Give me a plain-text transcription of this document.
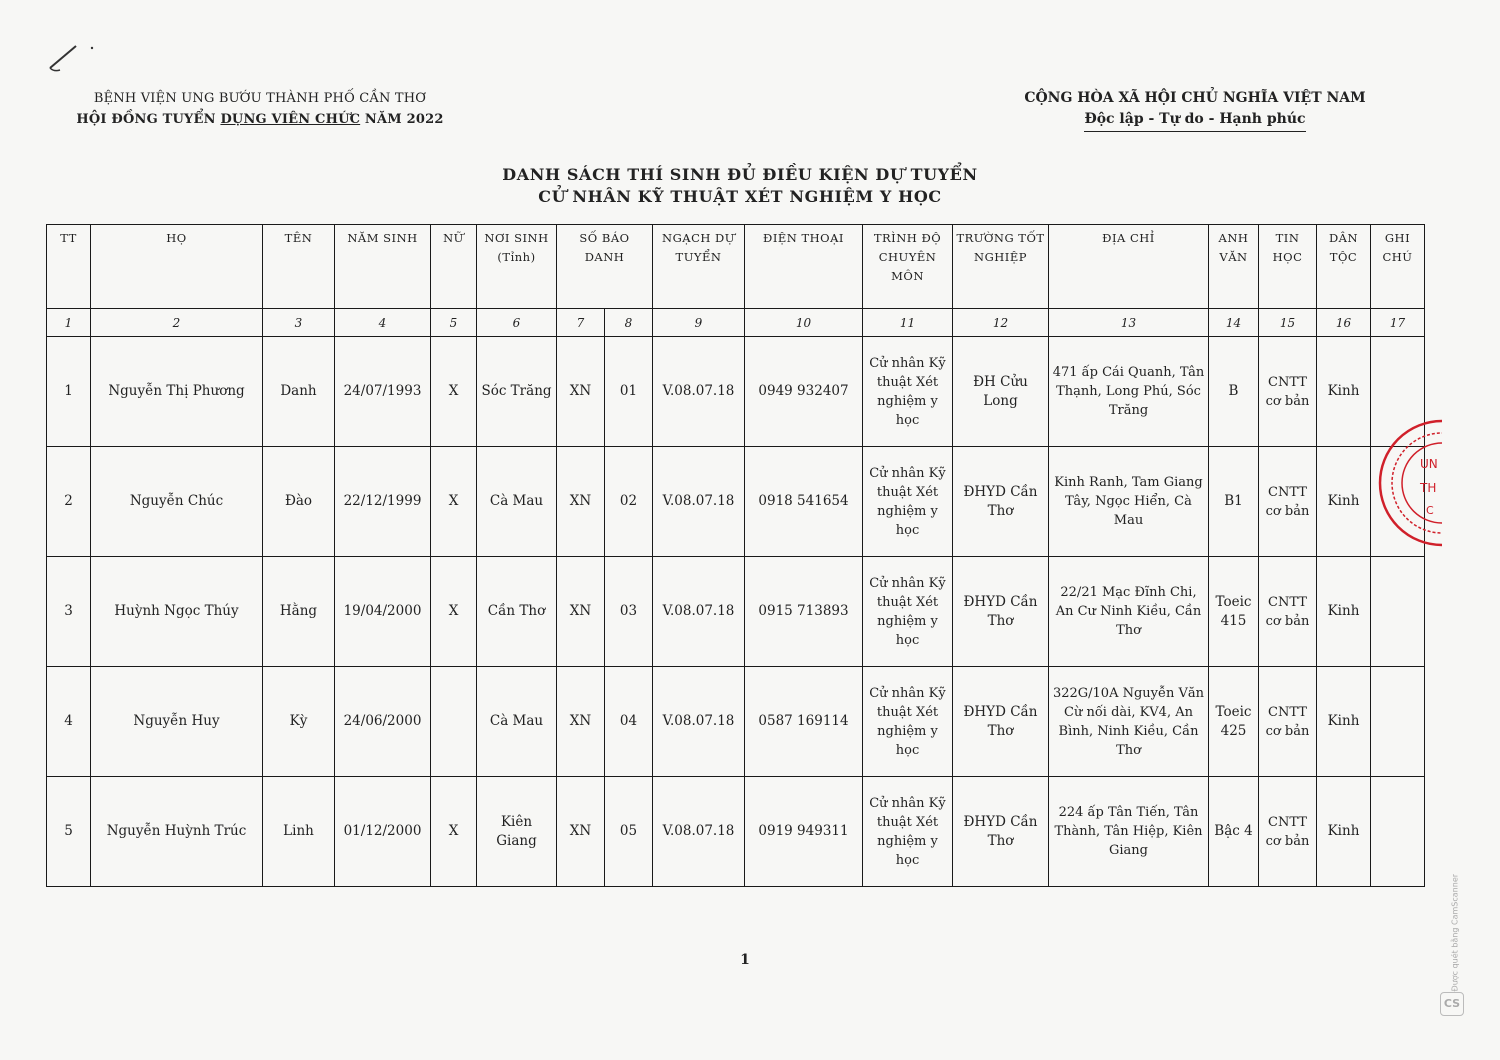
BỆNH VIỆN UNG BƯỚU THÀNH PHỐ CẦN THƠ
HỘI ĐỒNG TUYỂN DỤNG VIÊN CHỨC NĂM 2022
CỘNG HÒA XÃ HỘI CHỦ NGHĨA VIỆT NAM
Độc lập - Tự do - Hạnh phúc
DANH SÁCH THÍ SINH ĐỦ ĐIỀU KIỆN DỰ TUYỂN
CỬ NHÂN KỸ THUẬT XÉT NGHIỆM Y HỌC
TT	HỌ	TÊN	NĂM SINH	NỮ	NƠI SINH (Tỉnh)	SỐ BÁO DANH		NGẠCH DỰ TUYỂN	ĐIỆN THOẠI	TRÌNH ĐỘ CHUYÊN MÔN	TRƯỜNG TỐT NGHIỆP	ĐỊA CHỈ	ANH VĂN	TIN HỌC	DÂN TỘC	GHI CHÚ
1	2	3	4	5	6	7	8	9	10	11	12	13	14	15	16	17
1	Nguyễn Thị Phương	Danh	24/07/1993	X	Sóc Trăng	XN	01	V.08.07.18	0949 932407	Cử nhân Kỹ thuật Xét nghiệm y học	ĐH Cửu Long	471 ấp Cái Quanh, Tân Thạnh, Long Phú, Sóc Trăng	B	CNTT cơ bản	Kinh	
2	Nguyễn Chúc	Đào	22/12/1999	X	Cà Mau	XN	02	V.08.07.18	0918 541654	Cử nhân Kỹ thuật Xét nghiệm y học	ĐHYD Cần Thơ	Kinh Ranh, Tam Giang Tây, Ngọc Hiển, Cà Mau	B1	CNTT cơ bản	Kinh	
3	Huỳnh Ngọc Thúy	Hằng	19/04/2000	X	Cần Thơ	XN	03	V.08.07.18	0915 713893	Cử nhân Kỹ thuật Xét nghiệm y học	ĐHYD Cần Thơ	22/21 Mạc Đĩnh Chi, An Cư Ninh Kiều, Cần Thơ	Toeic 415	CNTT cơ bản	Kinh	
4	Nguyễn Huy	Kỳ	24/06/2000		Cà Mau	XN	04	V.08.07.18	0587 169114	Cử nhân Kỹ thuật Xét nghiệm y học	ĐHYD Cần Thơ	322G/10A Nguyễn Văn Cừ nối dài, KV4, An Bình, Ninh Kiều, Cần Thơ	Toeic 425	CNTT cơ bản	Kinh	
5	Nguyễn Huỳnh Trúc	Linh	01/12/2000	X	Kiên Giang	XN	05	V.08.07.18	0919 949311	Cử nhân Kỹ thuật Xét nghiệm y học	ĐHYD Cần Thơ	224 ấp Tân Tiến, Tân Thành, Tân Hiệp, Kiên Giang	Bậc 4	CNTT cơ bản	Kinh	
UN
TH
C
1	Được quét bằng CamScanner
CS
